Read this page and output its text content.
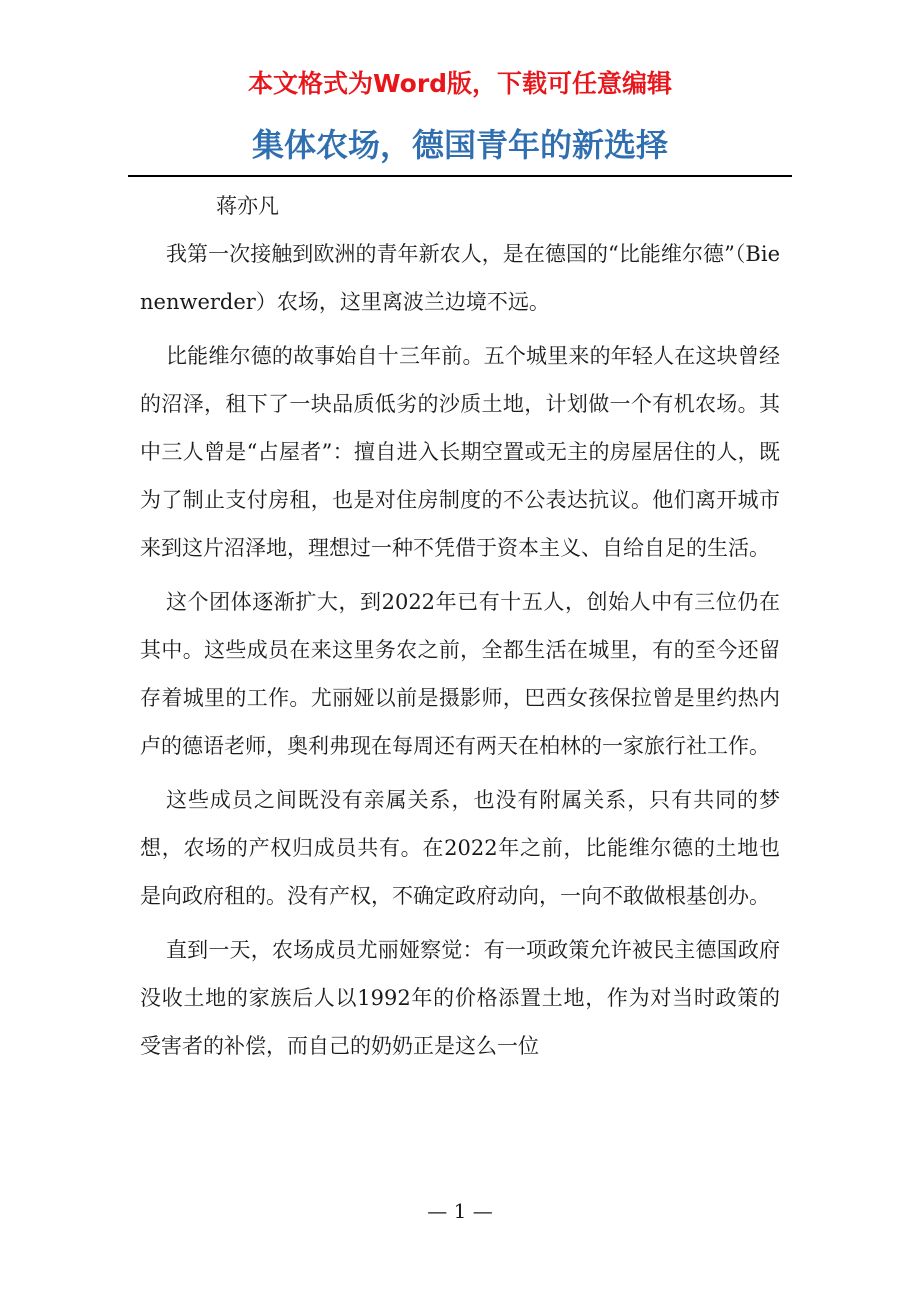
本文格式为Word版，下载可任意编辑

集体农场，德国青年的新选择

蒋亦凡

我第一次接触到欧洲的青年新农人，是在德国的“比能维尔德”（Bienenwerder）农场，这里离波兰边境不远。

比能维尔德的故事始自十三年前。五个城里来的年轻人在这块曾经的沼泽，租下了一块品质低劣的沙质土地，计划做一个有机农场。其中三人曾是“占屋者”：擅自进入长期空置或无主的房屋居住的人，既为了制止支付房租，也是对住房制度的不公表达抗议。他们离开城市来到这片沼泽地，理想过一种不凭借于资本主义、自给自足的生活。

这个团体逐渐扩大，到2022年已有十五人，创始人中有三位仍在其中。这些成员在来这里务农之前，全都生活在城里，有的至今还留存着城里的工作。尤丽娅以前是摄影师，巴西女孩保拉曾是里约热内卢的德语老师，奥利弗现在每周还有两天在柏林的一家旅行社工作。

这些成员之间既没有亲属关系，也没有附属关系，只有共同的梦想，农场的产权归成员共有。在2022年之前，比能维尔德的土地也是向政府租的。没有产权，不确定政府动向，一向不敢做根基创办。

直到一天，农场成员尤丽娅察觉：有一项政策允许被民主德国政府没收土地的家族后人以1992年的价格添置土地，作为对当时政策的受害者的补偿，而自己的奶奶正是这么一位

— 1 —
